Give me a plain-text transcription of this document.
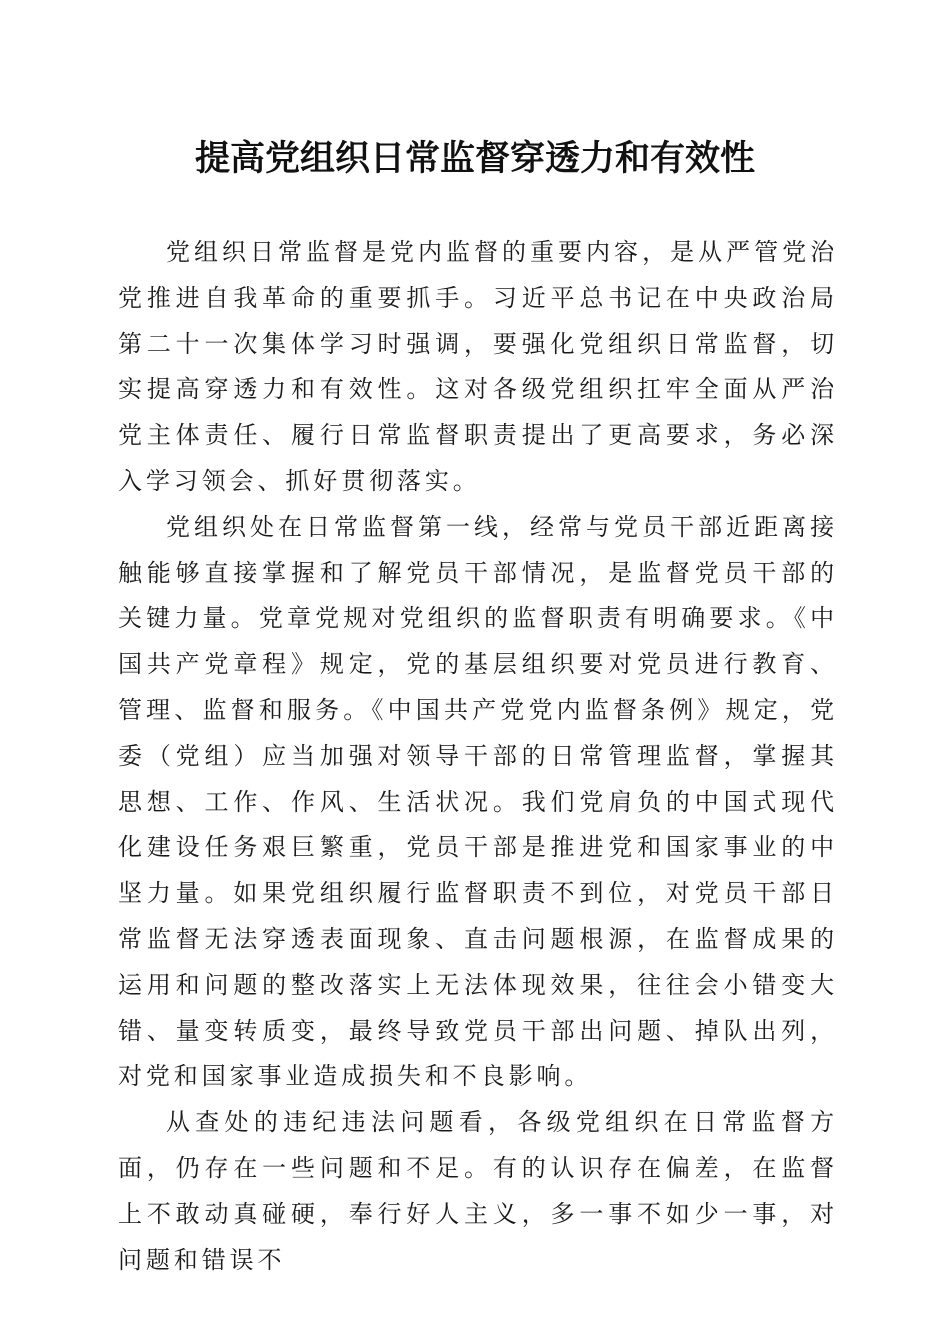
提高党组织日常监督穿透力和有效性

党组织日常监督是党内监督的重要内容，是从严管党治党推进自我革命的重要抓手。习近平总书记在中央政治局第二十一次集体学习时强调，要强化党组织日常监督，切实提高穿透力和有效性。这对各级党组织扛牢全面从严治党主体责任、履行日常监督职责提出了更高要求，务必深入学习领会、抓好贯彻落实。

党组织处在日常监督第一线，经常与党员干部近距离接触能够直接掌握和了解党员干部情况，是监督党员干部的关键力量。党章党规对党组织的监督职责有明确要求。《中国共产党章程》规定，党的基层组织要对党员进行教育、管理、监督和服务。《中国共产党党内监督条例》规定，党委（党组）应当加强对领导干部的日常管理监督，掌握其思想、工作、作风、生活状况。我们党肩负的中国式现代化建设任务艰巨繁重，党员干部是推进党和国家事业的中坚力量。如果党组织履行监督职责不到位，对党员干部日常监督无法穿透表面现象、直击问题根源，在监督成果的运用和问题的整改落实上无法体现效果，往往会小错变大错、量变转质变，最终导致党员干部出问题、掉队出列，对党和国家事业造成损失和不良影响。

从查处的违纪违法问题看，各级党组织在日常监督方面，仍存在一些问题和不足。有的认识存在偏差，在监督上不敢动真碰硬，奉行好人主义，多一事不如少一事，对问题和错误不
